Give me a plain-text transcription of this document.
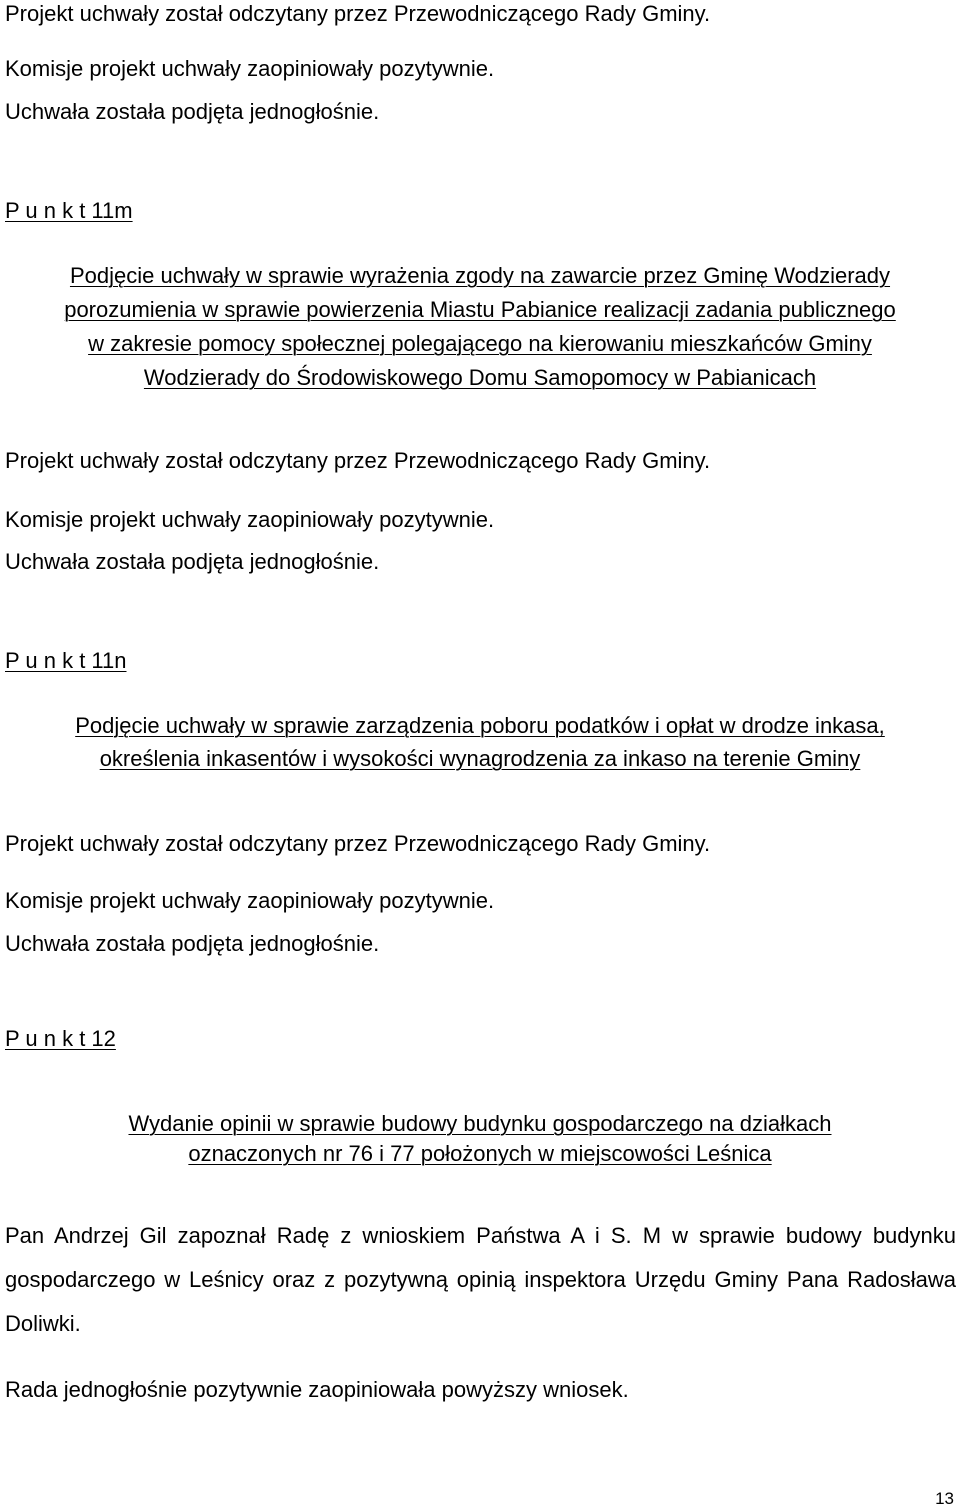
Projekt uchwały został odczytany przez Przewodniczącego Rady Gminy.

Komisje projekt uchwały zaopiniowały pozytywnie.

Uchwała została podjęta jednogłośnie.

P u n k t 11m

Podjęcie uchwały w sprawie wyrażenia zgody na zawarcie przez Gminę Wodzierady

porozumienia w sprawie powierzenia Miastu Pabianice realizacji zadania publicznego

w zakresie pomocy społecznej polegającego na kierowaniu mieszkańców Gminy

Wodzierady do Środowiskowego Domu Samopomocy w Pabianicach

Projekt uchwały został odczytany przez Przewodniczącego Rady Gminy.

Komisje projekt uchwały zaopiniowały pozytywnie.

Uchwała została podjęta jednogłośnie.

P u n k t 11n

Podjęcie uchwały w sprawie zarządzenia poboru podatków i opłat w drodze inkasa,

określenia inkasentów i wysokości wynagrodzenia za inkaso na terenie Gminy

Projekt uchwały został odczytany przez Przewodniczącego Rady Gminy.

Komisje projekt uchwały zaopiniowały pozytywnie.

Uchwała została podjęta jednogłośnie.

P u n k t 12

Wydanie opinii w sprawie budowy budynku gospodarczego na działkach

oznaczonych nr 76 i 77 położonych w miejscowości Leśnica

Pan Andrzej Gil zapoznał Radę z wnioskiem Państwa A i S. M w sprawie budowy budynku gospodarczego w Leśnicy oraz z pozytywną opinią inspektora Urzędu Gminy Pana Radosława Doliwki.

Rada jednogłośnie pozytywnie zaopiniowała powyższy wniosek.

13
